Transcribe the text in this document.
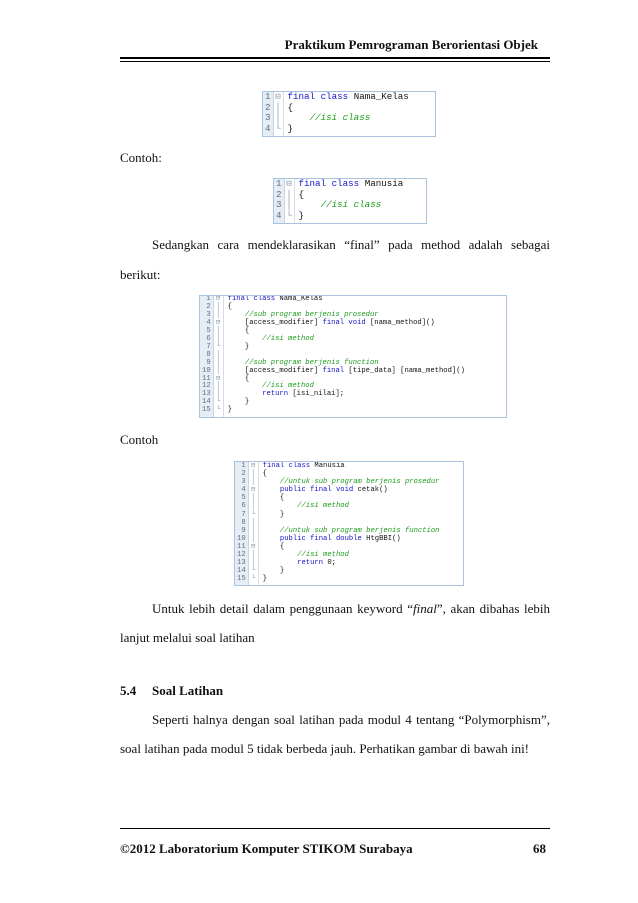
Praktikum Pemrograman Berorientasi Objek
1
2
3
4
⊟
│
│
└
final class Nama_Kelas
{
//isi class
}
Contoh:
1
2
3
4
⊟
│
│
└
final class Manusia
{
//isi class
}
Sedangkan cara mendeklarasikan “final” pada method adalah sebagai
berikut:
1
2
3
4
5
6
7
8
9
10
11
12
13
14
15
⊟
│
│
⊟
│
│
└
│
│
│
⊟
│
│
└
└
final class Nama_Kelas
{
//sub program berjenis prosedur
[access_modifier] final void [nama_method]()
{
//isi method
}
//sub program berjenis function
[access_modifier] final [tipe_data] [nama_method]()
{
//isi method
return [isi_nilai];
}
}
Contoh
1
2
3
4
5
6
7
8
9
10
11
12
13
14
15
⊟
│
│
⊟
│
│
└
│
│
│
⊟
│
│
└
└
final class Manusia
{
//untuk sub program berjenis prosedur
public final void cetak()
{
//isi method
}
//untuk sub program berjenis function
public final double HtgBBI()
{
//isi method
return 0;
}
}
Untuk lebih detail dalam penggunaan keyword “final”, akan dibahas lebih
lanjut melalui soal latihan
5.4 Soal Latihan
Seperti halnya dengan soal latihan pada modul 4 tentang “Polymorphism”,
soal latihan pada modul 5 tidak berbeda jauh. Perhatikan gambar di bawah ini!
©2012 Laboratorium Komputer STIKOM Surabaya	68
